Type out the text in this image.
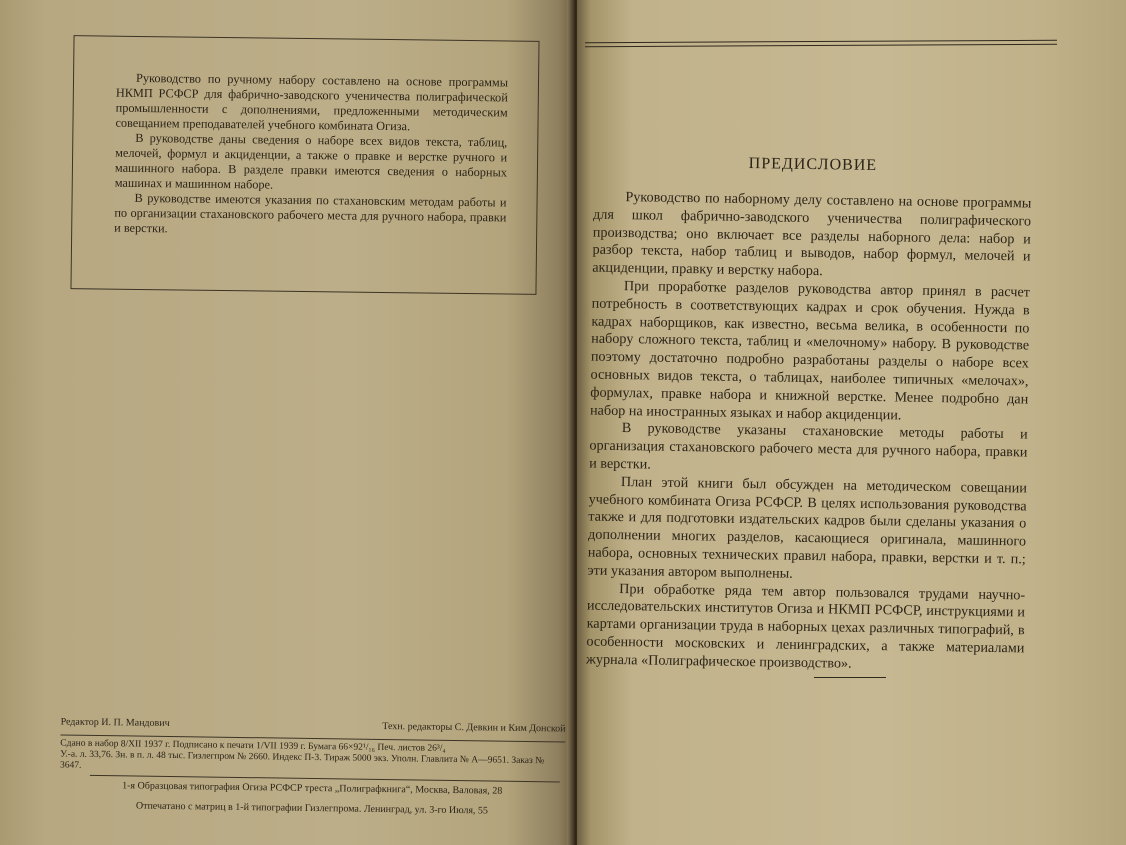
Руководство по ручному набору составлено на основе программы НКМП РСФСР для фабрично-заводского ученичества полиграфической промышленности с дополнениями, предложенными методическим совещанием преподавателей учебного комбината Огиза.

В руководстве даны сведения о наборе всех видов текста, таблиц, мелочей, формул и акциденции, а также о правке и верстке ручного и машинного набора. В разделе правки имеются сведения о наборных машинах и машинном наборе.

В руководстве имеются указания по стахановским методам работы и по организации стахановского рабочего места для ручного набора, правки и верстки.

Редактор И. П. Мандович	Техн. редакторы С. Девкин и Ким Донской
Сдано в набор 8/XII 1937 г. Подписано к печати 1/VII 1939 г. Бумага 66×92¹/₁₆ Печ. листов 26³/₄
У.-а. л. 33,76. Зн. в п. л. 48 тыс. Гизлегпром № 2660. Индекс П-3. Тираж 5000 экз. Уполн. Главлита № А—9651. Заказ № 3647.
1-я Образцовая типография Огиза РСФСР треста „Полиграфкнига“, Москва, Валовая, 28
Отпечатано с матриц в 1-й типографии Гизлегпрома. Ленинград, ул. 3-го Июля, 55
ПРЕДИСЛОВИЕ

Руководство по наборному делу составлено на основе программы для школ фабрично-заводского ученичества полиграфического производства; оно включает все разделы наборного дела: набор и разбор текста, набор таблиц и выводов, набор формул, мелочей и акциденции, правку и верстку набора.

При проработке разделов руководства автор принял в расчет потребность в соответствующих кадрах и срок обучения. Нужда в кадрах наборщиков, как известно, весьма велика, в особенности по набору сложного текста, таблиц и «мелочному» набору. В руководстве поэтому достаточно подробно разработаны разделы о наборе всех основных видов текста, о таблицах, наиболее типичных «мелочах», формулах, правке набора и книжной верстке. Менее подробно дан набор на иностранных языках и набор акциденции.

В руководстве указаны стахановские методы работы и организация стахановского рабочего места для ручного набора, правки и верстки.

План этой книги был обсужден на методическом совещании учебного комбината Огиза РСФСР. В целях использования руководства также и для подготовки издательских кадров были сделаны указания о дополнении многих разделов, касающиеся оригинала, машинного набора, основных технических правил набора, правки, верстки и т. п.; эти указания автором выполнены.

При обработке ряда тем автор пользовался трудами научно-исследовательских институтов Огиза и НКМП РСФСР, инструкциями и картами организации труда в наборных цехах различных типографий, в особенности московских и ленинградских, а также материалами журнала «Полиграфическое производство».
